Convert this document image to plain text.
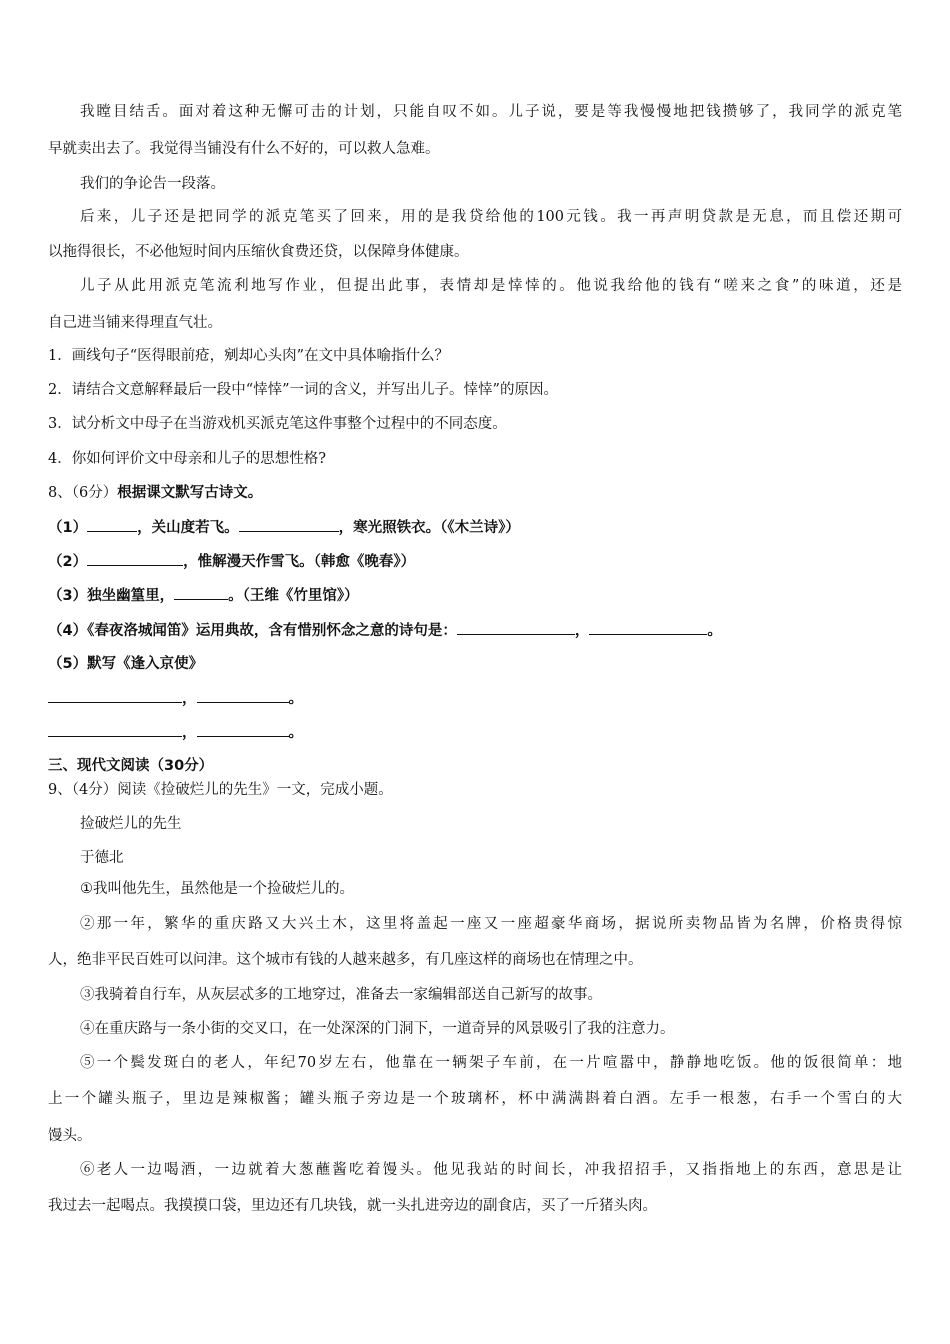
我瞠目结舌。面对着这种无懈可击的计划，只能自叹不如。儿子说，要是等我慢慢地把钱攒够了，我同学的派克笔
早就卖出去了。我觉得当铺没有什么不好的，可以救人急难。
我们的争论告一段落。
后来，儿子还是把同学的派克笔买了回来，用的是我贷给他的100元钱。我一再声明贷款是无息，而且偿还期可
以拖得很长，不必他短时间内压缩伙食费还贷，以保障身体健康。
儿子从此用派克笔流利地写作业，但提出此事，表情却是悻悻的。他说我给他的钱有“嗟来之食”的味道，还是
自己进当铺来得理直气壮。
1．画线句子“医得眼前疮，剜却心头肉”在文中具体喻指什么？
2．请结合文意解释最后一段中“悻悻”一词的含义，并写出儿子。悻悻”的原因。
3．试分析文中母子在当游戏机买派克笔这件事整个过程中的不同态度。
4．你如何评价文中母亲和儿子的思想性格?
8、（6分）根据课文默写古诗文。
（1）	，关山度若飞。	，寒光照铁衣。（《木兰诗》）
（2）	，惟解漫天作雪飞。（韩愈《晚春》）
（3）独坐幽篁里，	。（王维《竹里馆》）
（4）《春夜洛城闻笛》运用典故，含有惜别怀念之意的诗句是：	，	。
（5）默写《逢入京使》
，	。
，	。
三、现代文阅读（30分）
9、（4分）阅读《捡破烂儿的先生》一文，完成小题。
捡破烂儿的先生
于德北
①我叫他先生，虽然他是一个捡破烂儿的。
②那一年，繁华的重庆路又大兴土木，这里将盖起一座又一座超豪华商场，据说所卖物品皆为名牌，价格贵得惊
人，绝非平民百姓可以问津。这个城市有钱的人越来越多，有几座这样的商场也在情理之中。
③我骑着自行车，从灰层忒多的工地穿过，准备去一家编辑部送自己新写的故事。
④在重庆路与一条小街的交叉口，在一处深深的门洞下，一道奇异的风景吸引了我的注意力。
⑤一个鬓发斑白的老人，年纪70岁左右，他靠在一辆架子车前，在一片喧嚣中，静静地吃饭。他的饭很简单：地
上一个罐头瓶子，里边是辣椒酱；罐头瓶子旁边是一个玻璃杯，杯中满满斟着白酒。左手一根葱，右手一个雪白的大
馒头。
⑥老人一边喝酒，一边就着大葱蘸酱吃着馒头。他见我站的时间长，冲我招招手，又指指地上的东西，意思是让
我过去一起喝点。我摸摸口袋，里边还有几块钱，就一头扎进旁边的副食店，买了一斤猪头肉。
